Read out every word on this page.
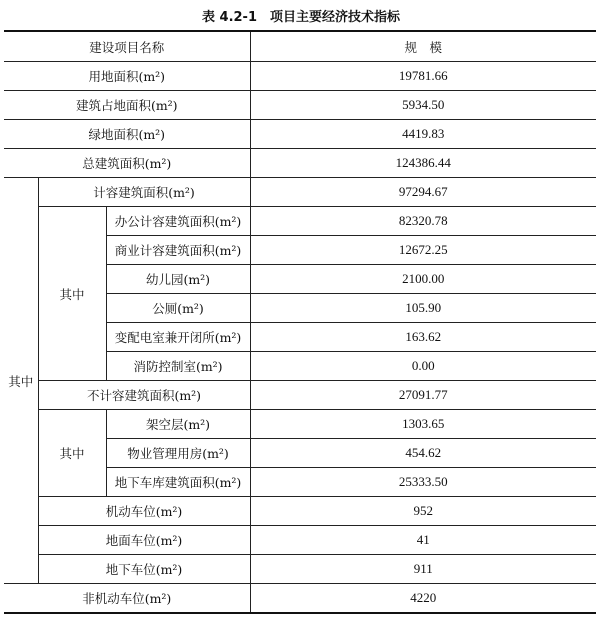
表 4.2-1　项目主要经济技术指标
建设项目名称			规　模
用地面积(m²)			19781.66
建筑占地面积(m²)			5934.50
绿地面积(m²)			4419.83
总建筑面积(m²)			124386.44
其中	计容建筑面积(m²)		97294.67
	其中	办公计容建筑面积(m²)	82320.78
		商业计容建筑面积(m²)	12672.25
		幼儿园(m²)	2100.00
		公厕(m²)	105.90
		变配电室兼开闭所(m²)	163.62
		消防控制室(m²)	0.00
	不计容建筑面积(m²)		27091.77
	其中	架空层(m²)	1303.65
		物业管理用房(m²)	454.62
		地下车库建筑面积(m²)	25333.50
	机动车位(m²)		952
	地面车位(m²)		41
	地下车位(m²)		911
非机动车位(m²)			4220
